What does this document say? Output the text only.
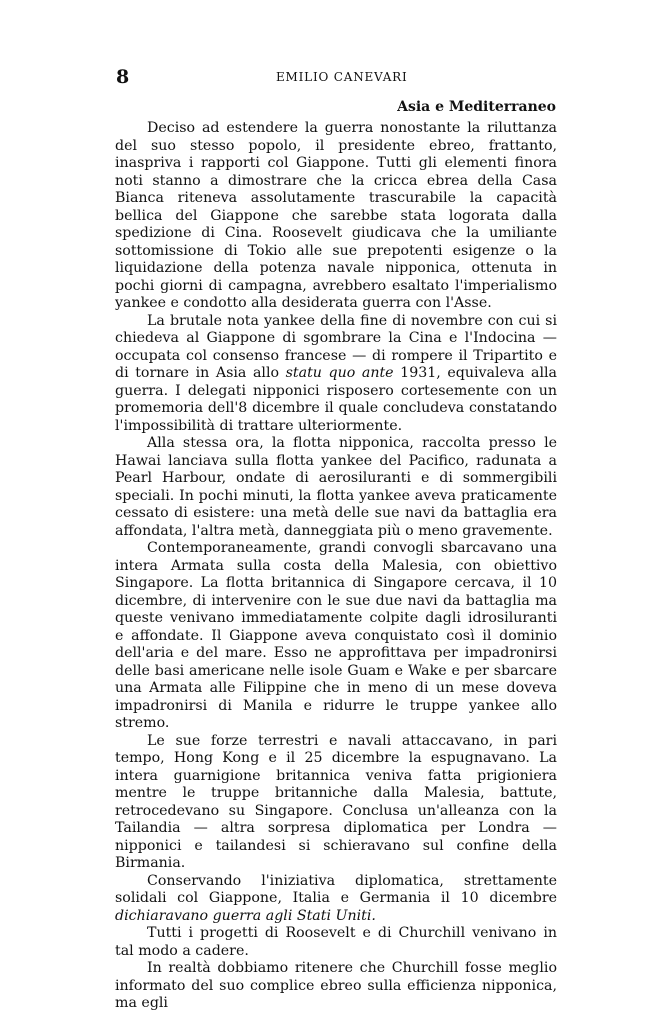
8	EMILIO CANEVARI
Asia e Mediterraneo

Deciso ad estendere la guerra nonostante la riluttanza del suo stesso popolo, il presidente ebreo, frattanto, inaspriva i rapporti col Giappone. Tutti gli elementi finora noti stanno a dimostrare che la cricca ebrea della Casa Bianca riteneva assolutamente trascurabile la capacità bellica del Giappone che sarebbe stata logorata dalla spedizione di Cina. Roosevelt giudicava che la umiliante sottomissione di Tokio alle sue prepotenti esigenze o la liquidazione della potenza navale nipponica, ottenuta in pochi giorni di campagna, avrebbero esaltato l'imperialismo yankee e condotto alla desiderata guerra con l'Asse.

La brutale nota yankee della fine di novembre con cui si chiedeva al Giappone di sgombrare la Cina e l'Indocina — occupata col consenso francese — di rompere il Tripartito e di tornare in Asia allo statu quo ante 1931, equivaleva alla guerra. I delegati nipponici risposero cortesemente con un promemoria dell'8 dicembre il quale concludeva constatando l'impossibilità di trattare ulteriormente.

Alla stessa ora, la flotta nipponica, raccolta presso le Hawai lanciava sulla flotta yankee del Pacifico, radunata a Pearl Harbour, ondate di aerosiluranti e di sommergibili speciali. In pochi minuti, la flotta yankee aveva praticamente cessato di esistere: una metà delle sue navi da battaglia era affondata, l'altra metà, danneggiata più o meno gravemente.

Contemporaneamente, grandi convogli sbarcavano una intera Armata sulla costa della Malesia, con obiettivo Singapore. La flotta britannica di Singapore cercava, il 10 dicembre, di intervenire con le sue due navi da battaglia ma queste venivano immediatamente colpite dagli idrosiluranti e affondate. Il Giappone aveva conquistato così il dominio dell'aria e del mare. Esso ne approfittava per impadronirsi delle basi americane nelle isole Guam e Wake e per sbarcare una Armata alle Filippine che in meno di un mese doveva impadronirsi di Manila e ridurre le truppe yankee allo stremo.

Le sue forze terrestri e navali attaccavano, in pari tempo, Hong Kong e il 25 dicembre la espugnavano. La intera guarnigione britannica veniva fatta prigioniera mentre le truppe britanniche dalla Malesia, battute, retrocedevano su Singapore. Conclusa un'alleanza con la Tailandia — altra sorpresa diplomatica per Londra — nipponici e tailandesi si schieravano sul confine della Birmania.

Conservando l'iniziativa diplomatica, strettamente solidali col Giappone, Italia e Germania il 10 dicembre dichiaravano guerra agli Stati Uniti.

Tutti i progetti di Roosevelt e di Churchill venivano in tal modo a cadere.

In realtà dobbiamo ritenere che Churchill fosse meglio informato del suo complice ebreo sulla efficienza nipponica, ma egli
